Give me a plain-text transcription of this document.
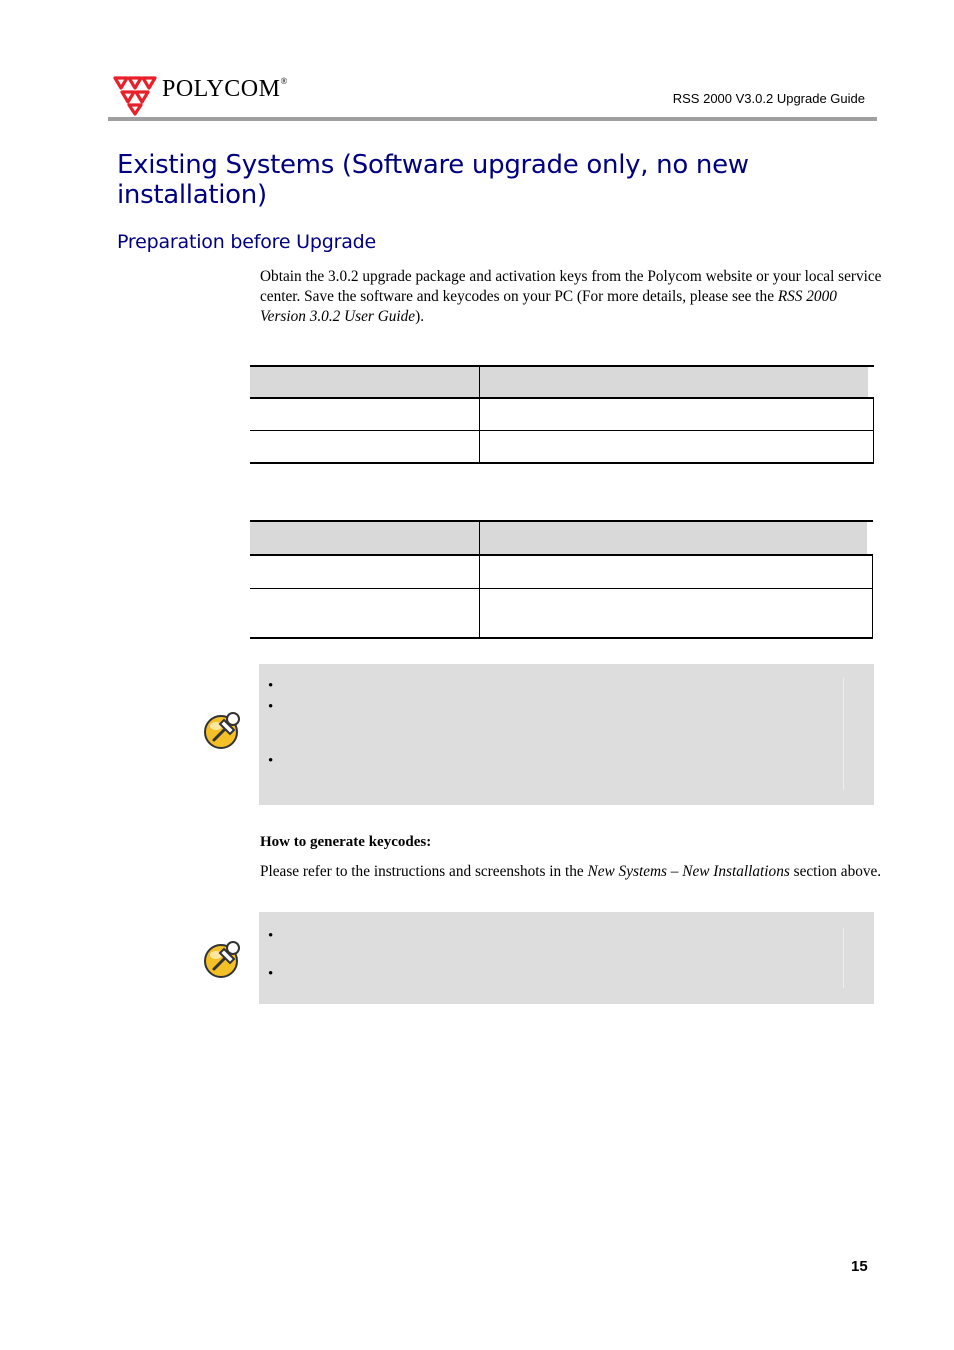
POLYCOM®
RSS 2000 V3.0.2 Upgrade Guide
Existing Systems (Software upgrade only, no new
installation)
Preparation before Upgrade
Obtain the 3.0.2 upgrade package and activation keys from the Polycom website or your local service center. Save the software and keycodes on your PC (For more details, please see the RSS 2000 Version 3.0.2 User Guide).
•
•
•
How to generate keycodes:
Please refer to the instructions and screenshots in the New Systems – New Installations section above.
•
•
15
